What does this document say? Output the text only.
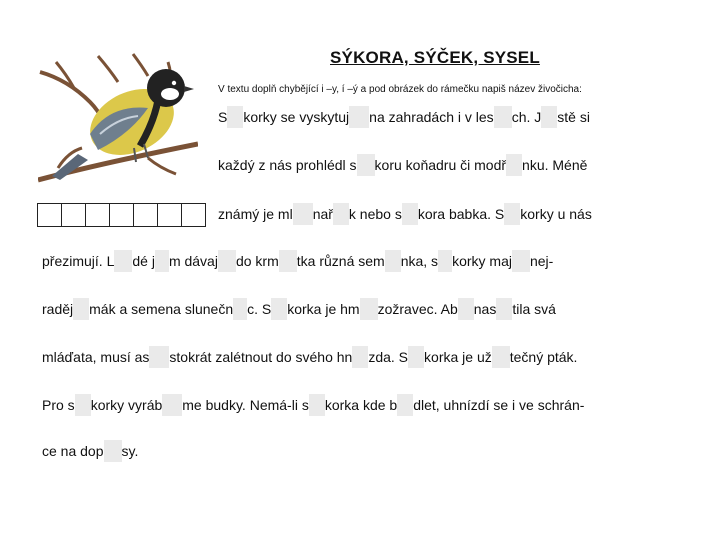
SÝKORA, SÝČEK, SYSEL
V textu doplň chybějící i –y, í –ý a pod obrázek do rámečku napiš název živočicha:
S korky se vyskytuj na zahradách i v les ch. J stě si
každý z nás prohlédl s koru koňadru či modř nku. Méně
známý je ml nař k nebo s kora babka. S korky u nás
přezimují. L dé j m dávaj do krm tka různá sem nka, s korky maj nej-
raděj mák a semena slunečn c. S korka je hm zožravec. Ab nas tila svá
mláďata, musí as stokrát zalétnout do svého hn zda. S korka je už tečný pták.
Pro s korky vyráb me budky. Nemá-li s korka kde b dlet, uhnízdí se i ve schrán-
ce na dop sy.
